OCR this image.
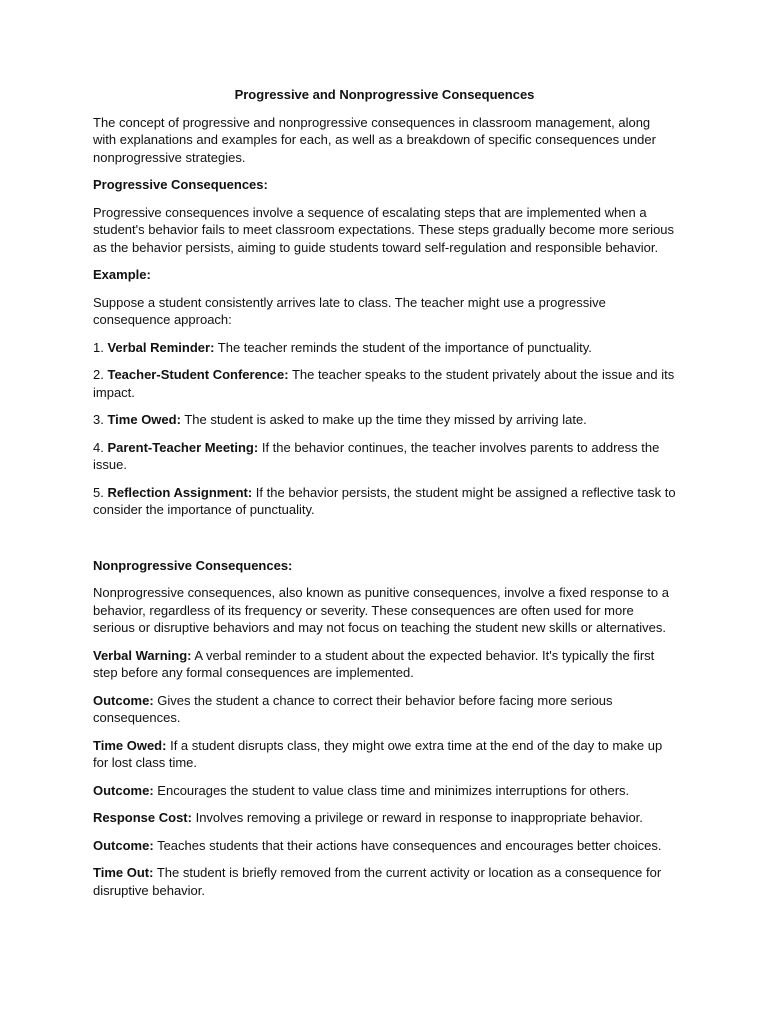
Progressive and Nonprogressive Consequences

The concept of progressive and nonprogressive consequences in classroom management, along with explanations and examples for each, as well as a breakdown of specific consequences under nonprogressive strategies.

Progressive Consequences:

Progressive consequences involve a sequence of escalating steps that are implemented when a student's behavior fails to meet classroom expectations. These steps gradually become more serious as the behavior persists, aiming to guide students toward self-regulation and responsible behavior.

Example:

Suppose a student consistently arrives late to class. The teacher might use a progressive consequence approach:

1. Verbal Reminder: The teacher reminds the student of the importance of punctuality.

2. Teacher-Student Conference: The teacher speaks to the student privately about the issue and its impact.

3. Time Owed: The student is asked to make up the time they missed by arriving late.

4. Parent-Teacher Meeting: If the behavior continues, the teacher involves parents to address the issue.

5. Reflection Assignment: If the behavior persists, the student might be assigned a reflective task to consider the importance of punctuality.

Nonprogressive Consequences:

Nonprogressive consequences, also known as punitive consequences, involve a fixed response to a behavior, regardless of its frequency or severity. These consequences are often used for more serious or disruptive behaviors and may not focus on teaching the student new skills or alternatives.

Verbal Warning: A verbal reminder to a student about the expected behavior. It's typically the first step before any formal consequences are implemented.

Outcome: Gives the student a chance to correct their behavior before facing more serious consequences.

Time Owed: If a student disrupts class, they might owe extra time at the end of the day to make up for lost class time.

Outcome: Encourages the student to value class time and minimizes interruptions for others.

Response Cost: Involves removing a privilege or reward in response to inappropriate behavior.

Outcome: Teaches students that their actions have consequences and encourages better choices.

Time Out: The student is briefly removed from the current activity or location as a consequence for disruptive behavior.
